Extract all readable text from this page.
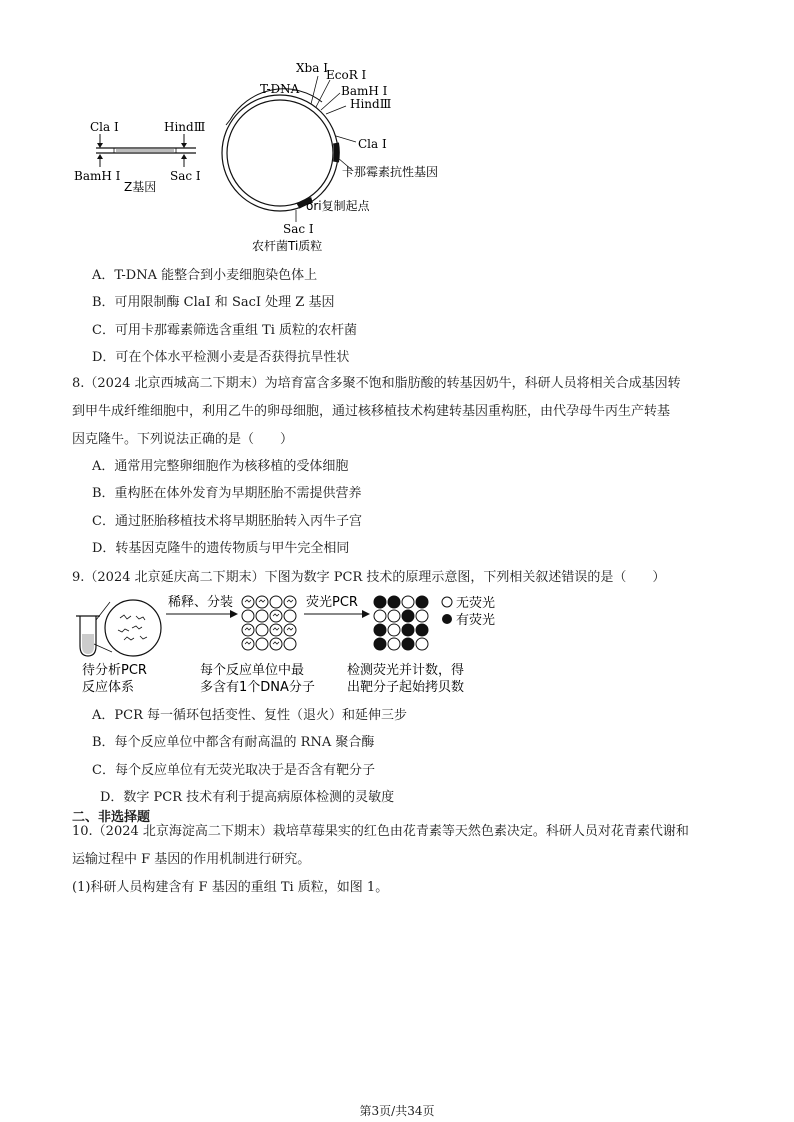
Cla Ⅰ	HindⅢ
BamH Ⅰ	Sac Ⅰ
Z基因
T-DNA
Xba Ⅰ
EcoR Ⅰ
BamH Ⅰ
HindⅢ
Cla Ⅰ
卡那霉素抗性基因
ori复制起点
Sac Ⅰ
农杆菌Ti质粒
A．T-DNA 能整合到小麦细胞染色体上
B．可用限制酶 ClaI 和 SacI 处理 Z 基因
C．可用卡那霉素筛选含重组 Ti 质粒的农杆菌
D．可在个体水平检测小麦是否获得抗旱性状

8.（2024 北京西城高二下期末）为培育富含多聚不饱和脂肪酸的转基因奶牛，科研人员将相关合成基因转

到甲牛成纤维细胞中，利用乙牛的卵母细胞，通过核移植技术构建转基因重构胚，由代孕母牛丙生产转基

因克隆牛。下列说法正确的是（　　）

A．通常用完整卵细胞作为核移植的受体细胞
B．重构胚在体外发育为早期胚胎不需提供营养
C．通过胚胎移植技术将早期胚胎转入丙牛子宫
D．转基因克隆牛的遗传物质与甲牛完全相同
9.（2024 北京延庆高二下期末）下图为数字 PCR 技术的原理示意图，下列相关叙述错误的是（　　）
稀释、分装	荧光PCR	无荧光
有荧光
待分析PCR
反应体系
每个反应单位中最
多含有1个DNA分子
检测荧光并计数，得
出靶分子起始拷贝数
A．PCR 每一循环包括变性、复性（退火）和延伸三步
B．每个反应单位中都含有耐高温的 RNA 聚合酶
C．每个反应单位有无荧光取决于是否含有靶分子
D．数字 PCR 技术有利于提高病原体检测的灵敏度
二、非选择题

10.（2024 北京海淀高二下期末）栽培草莓果实的红色由花青素等天然色素决定。科研人员对花青素代谢和

运输过程中 F 基因的作用机制进行研究。

(1)科研人员构建含有 F 基因的重组 Ti 质粒，如图 1。

第3页/共34页
